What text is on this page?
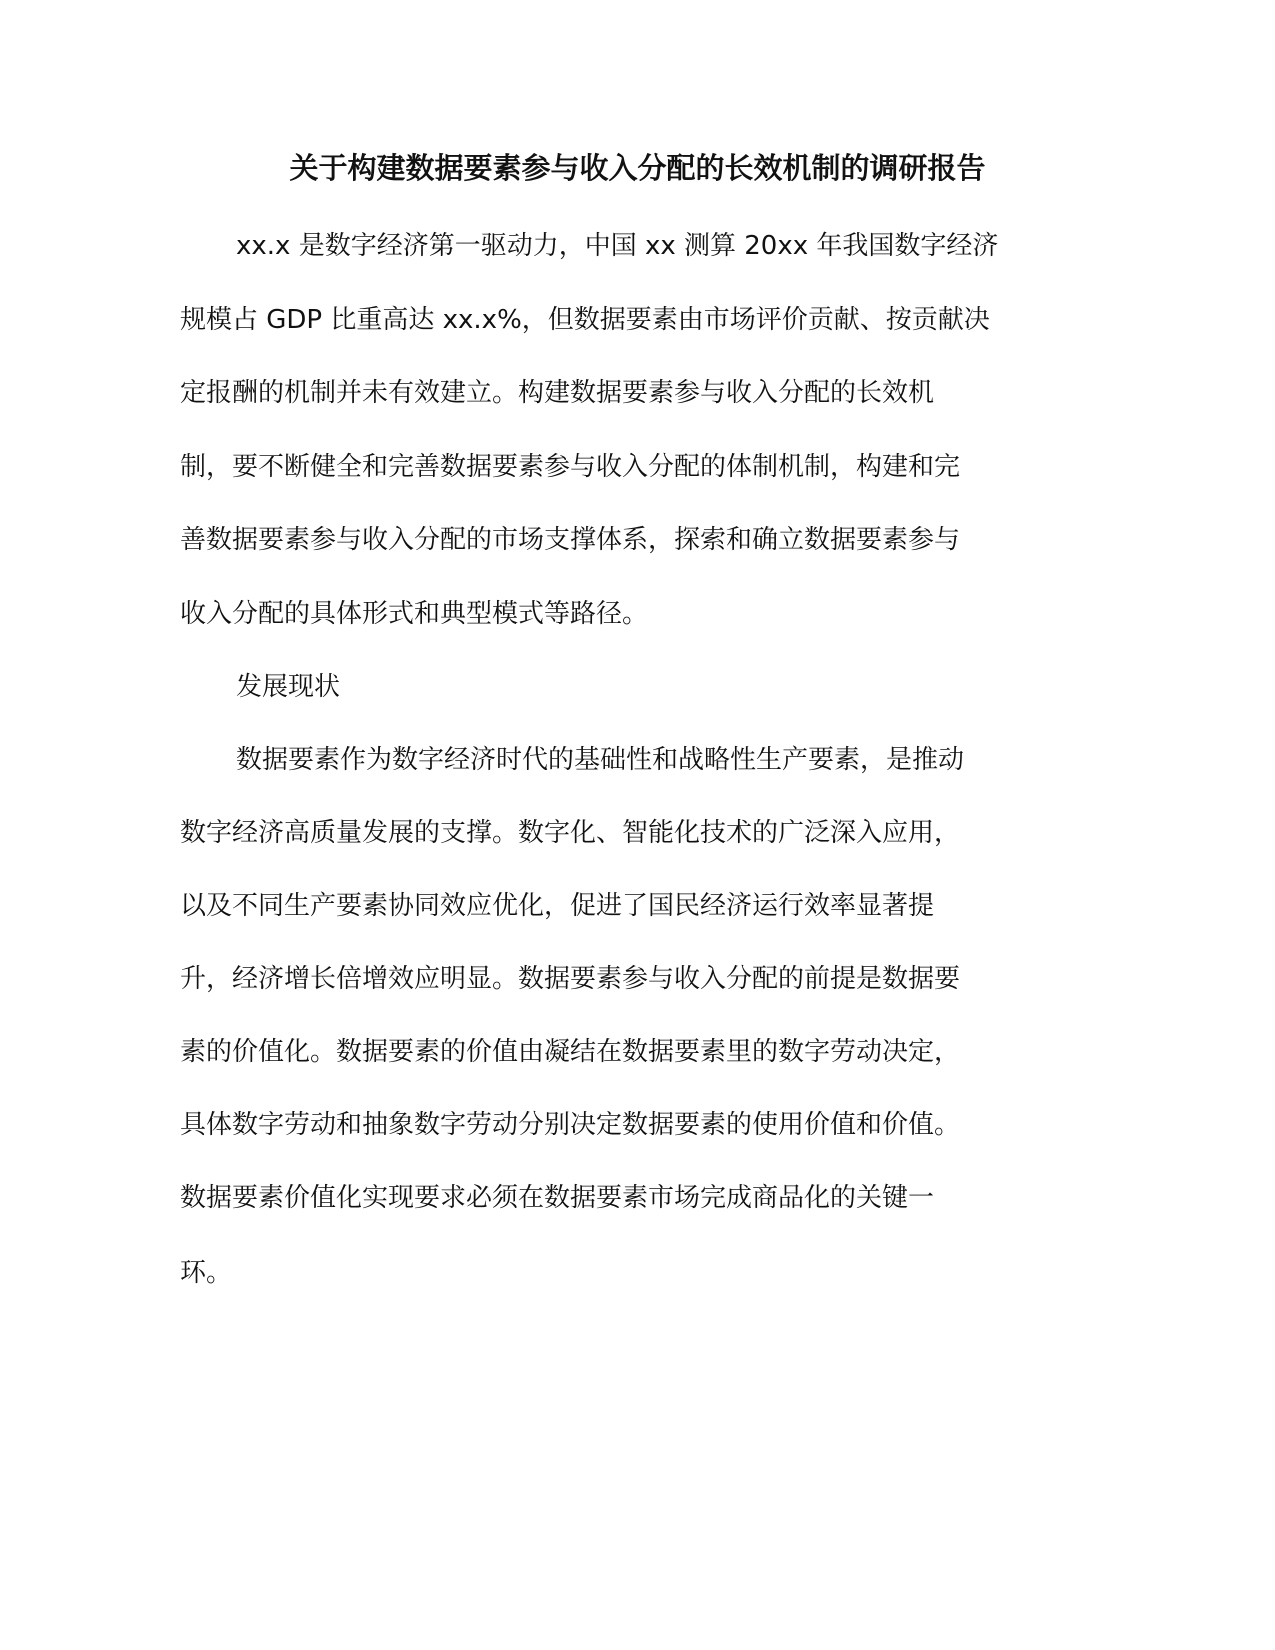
关于构建数据要素参与收入分配的长效机制的调研报告

xx.x 是数字经济第一驱动力，中国 xx 测算 20xx 年我国数字经济

规模占 GDP 比重高达 xx.x%，但数据要素由市场评价贡献、按贡献决

定报酬的机制并未有效建立。构建数据要素参与收入分配的长效机

制，要不断健全和完善数据要素参与收入分配的体制机制，构建和完

善数据要素参与收入分配的市场支撑体系，探索和确立数据要素参与

收入分配的具体形式和典型模式等路径。

发展现状

数据要素作为数字经济时代的基础性和战略性生产要素，是推动

数字经济高质量发展的支撑。数字化、智能化技术的广泛深入应用，

以及不同生产要素协同效应优化，促进了国民经济运行效率显著提

升，经济增长倍增效应明显。数据要素参与收入分配的前提是数据要

素的价值化。数据要素的价值由凝结在数据要素里的数字劳动决定，

具体数字劳动和抽象数字劳动分别决定数据要素的使用价值和价值。

数据要素价值化实现要求必须在数据要素市场完成商品化的关键一

环。
